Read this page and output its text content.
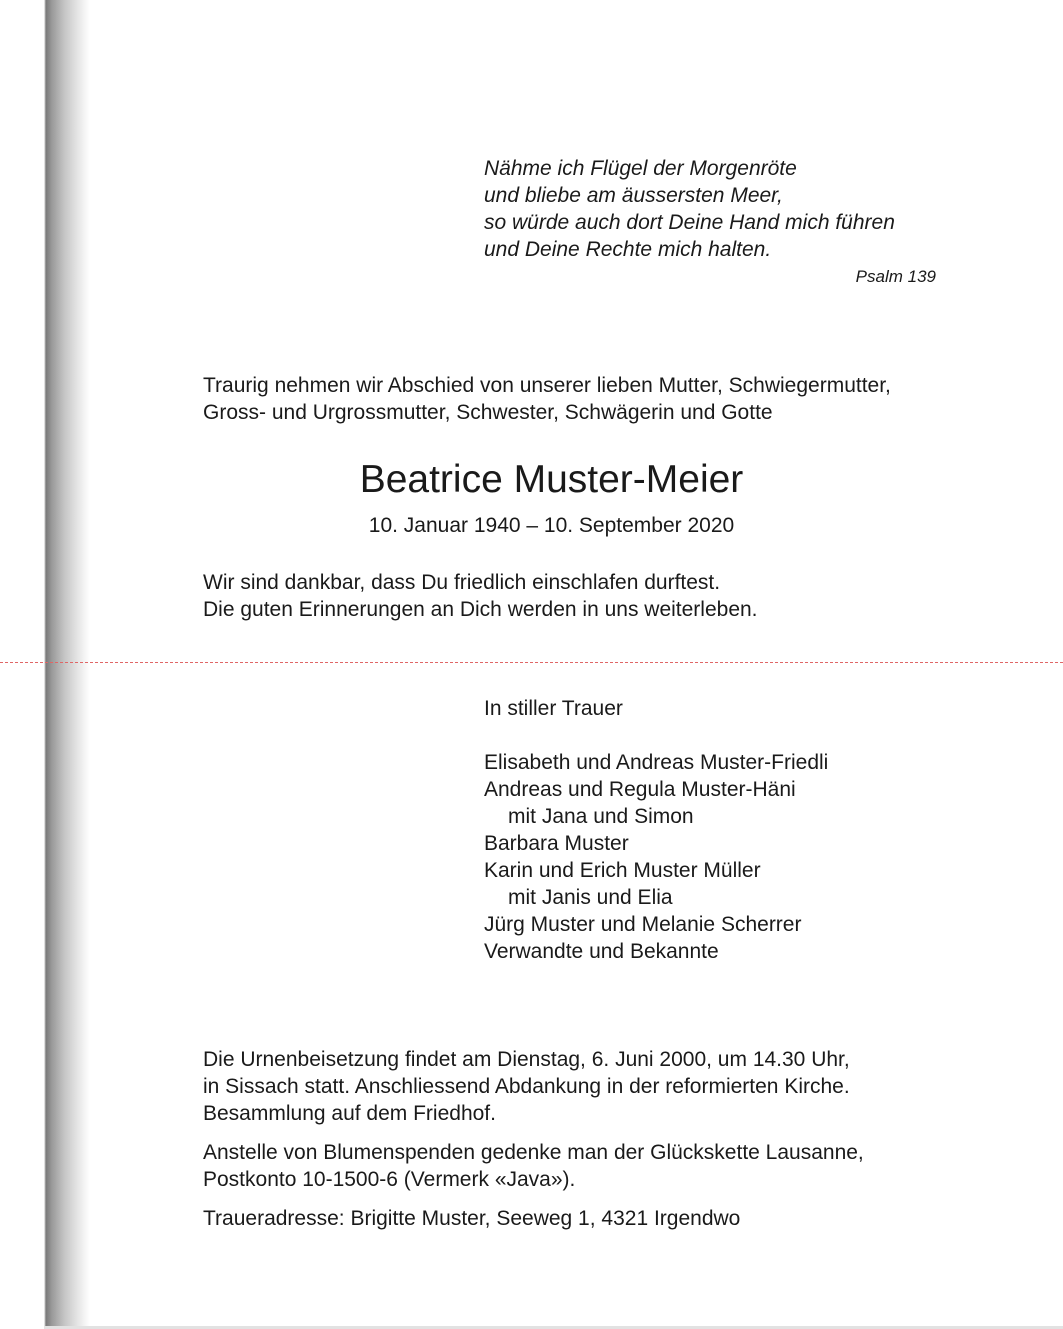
Nähme ich Flügel der Morgenröte
und bliebe am äussersten Meer,
so würde auch dort Deine Hand mich führen
und Deine Rechte mich halten.
Psalm 139
Traurig nehmen wir Abschied von unserer lieben Mutter, Schwiegermutter,
Gross- und Urgrossmutter, Schwester, Schwägerin und Gotte
Beatrice Muster-Meier
10. Januar 1940 – 10. September 2020
Wir sind dankbar, dass Du friedlich einschlafen durftest.
Die guten Erinnerungen an Dich werden in uns weiterleben.
In stiller Trauer
Elisabeth und Andreas Muster-Friedli
Andreas und Regula Muster-Häni
mit Jana und Simon
Barbara Muster
Karin und Erich Muster Müller
mit Janis und Elia
Jürg Muster und Melanie Scherrer
Verwandte und Bekannte
Die Urnenbeisetzung findet am Dienstag, 6. Juni 2000, um 14.30 Uhr,
in Sissach statt. Anschliessend Abdankung in der reformierten Kirche.
Besammlung auf dem Friedhof.
Anstelle von Blumenspenden gedenke man der Glückskette Lausanne,
Postkonto 10-1500-6 (Vermerk «Java»).
Traueradresse: Brigitte Muster, Seeweg 1, 4321 Irgendwo
